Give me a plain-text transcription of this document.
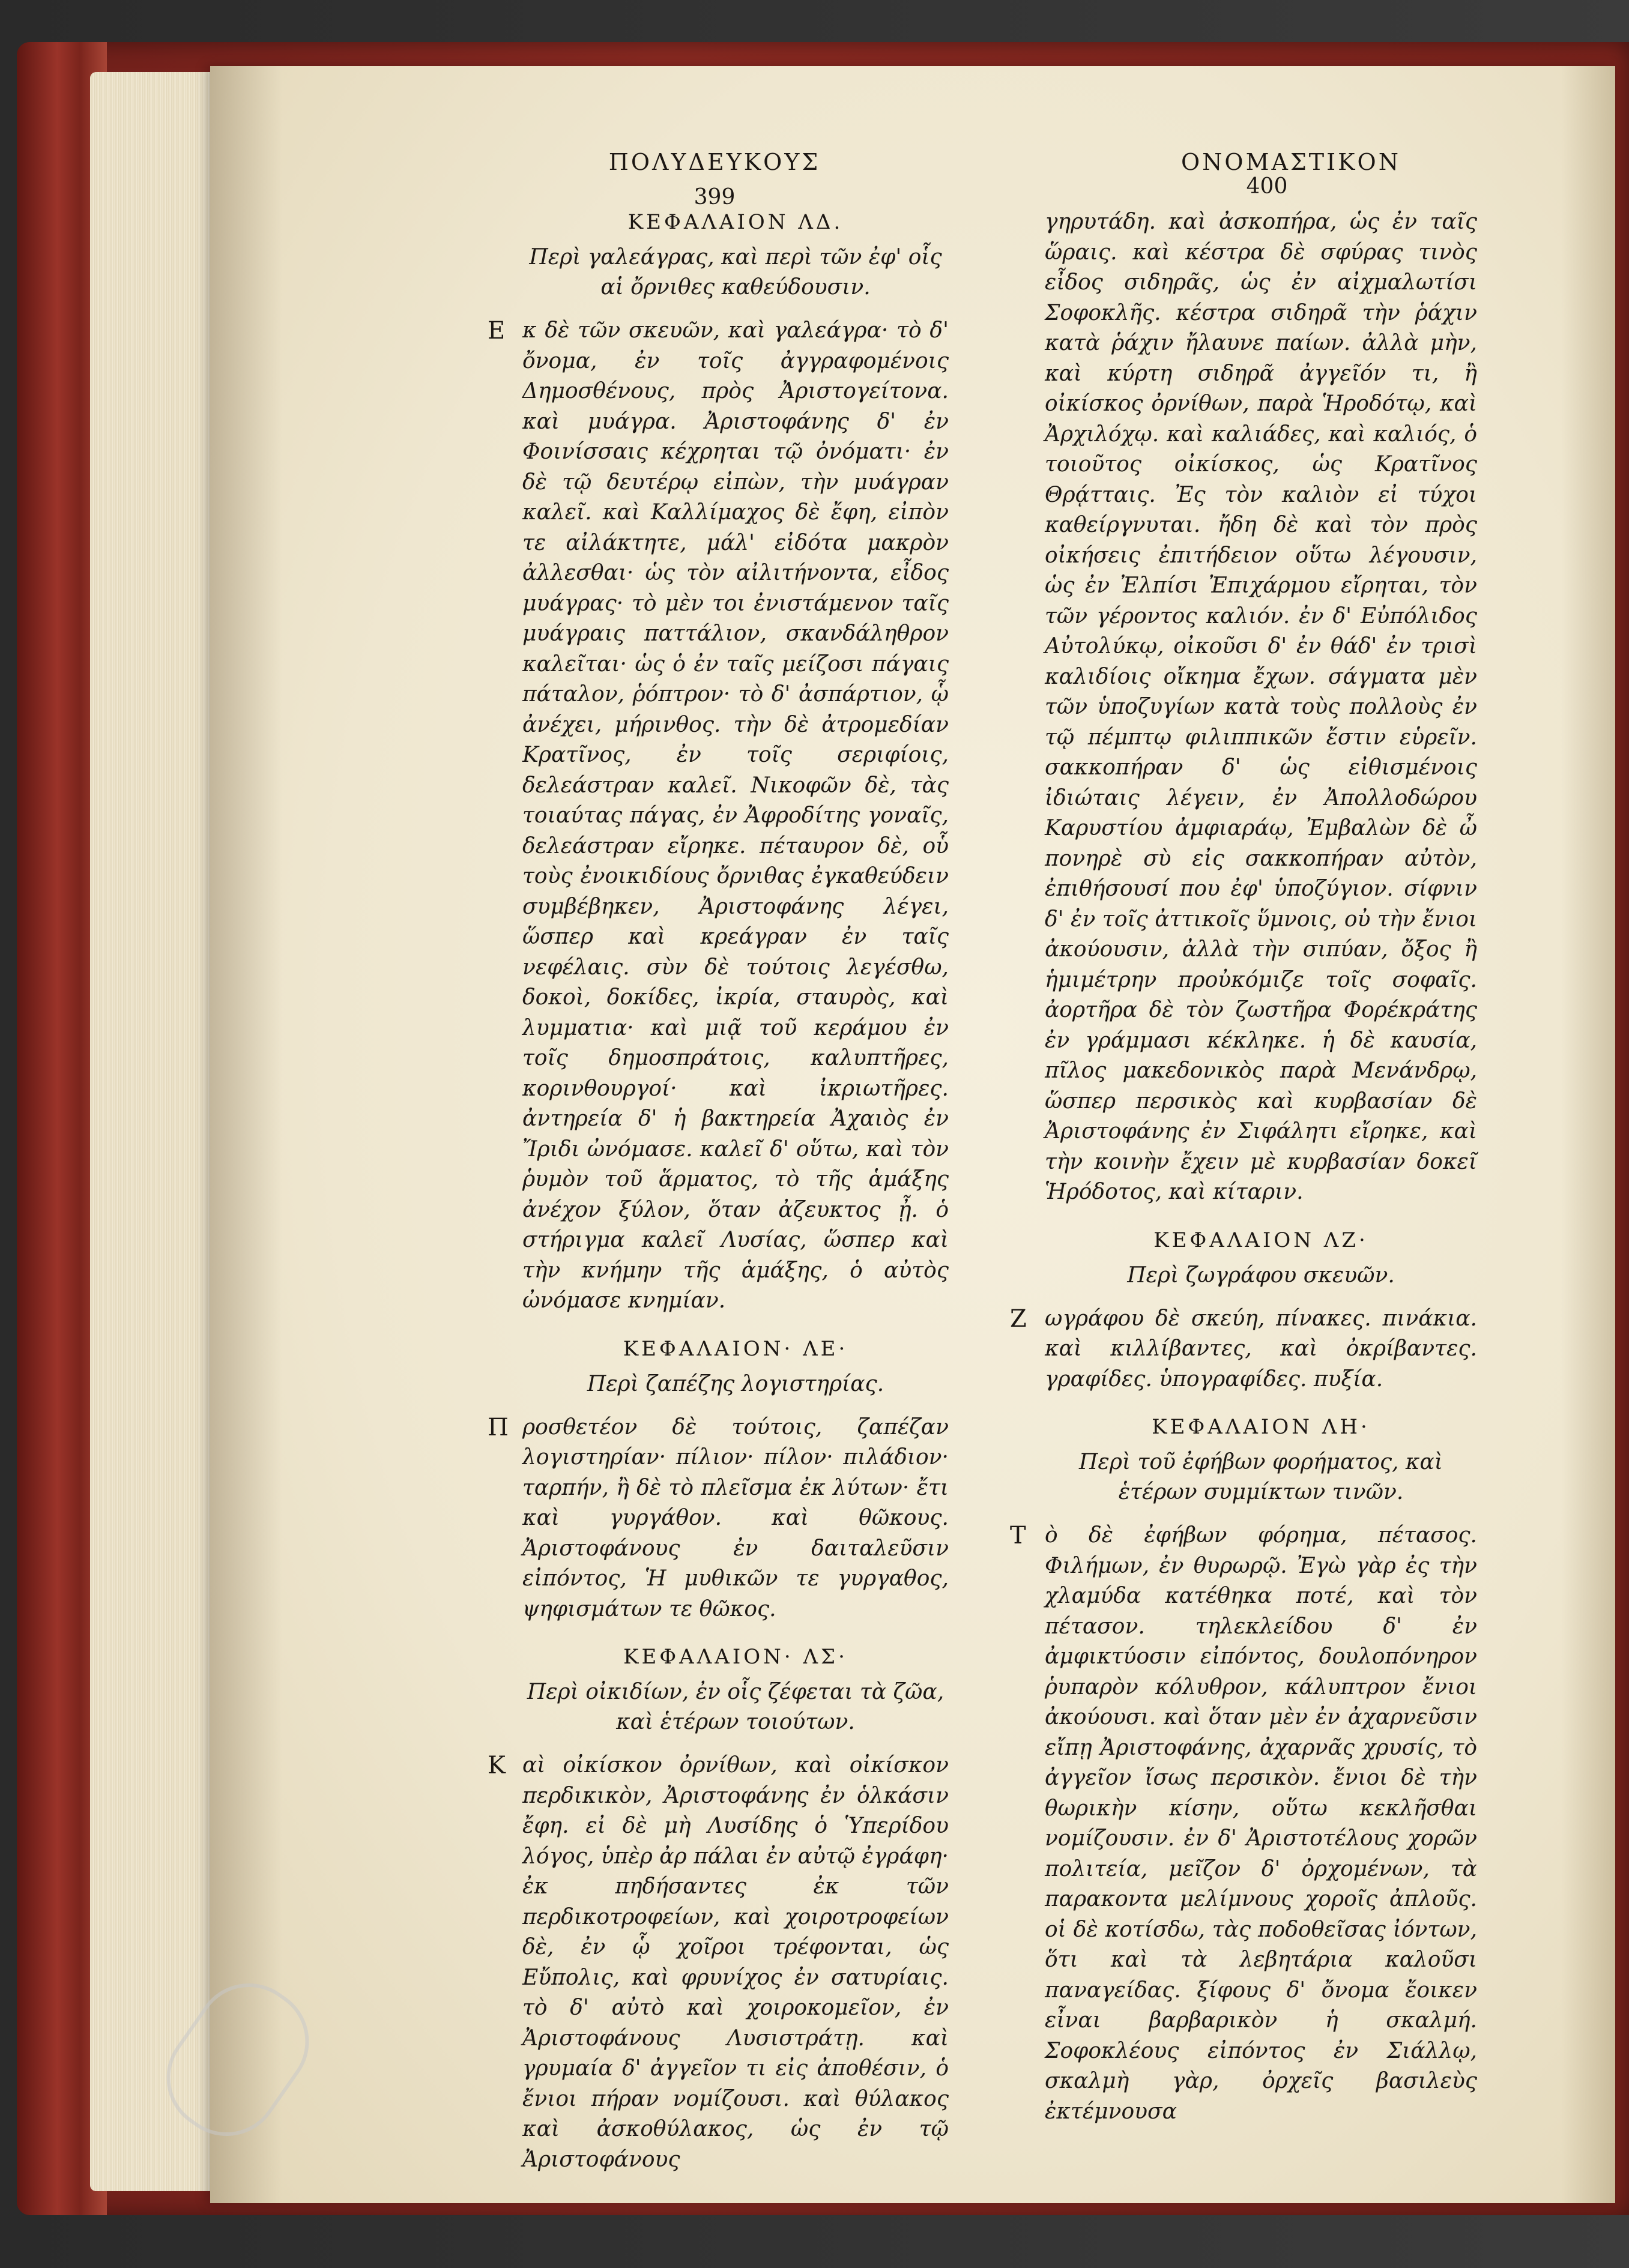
ΠΟΛΥΔΕΥΚΟΥΣ
399
ΚΕΦΑΛΑΙΟΝ ΛΔ.
Περὶ γαλεάγρας, καὶ περὶ τῶν ἐφ' οἷς αἱ ὄρνιθες καθεύδουσιν.
Ε κ δὲ τῶν σκευῶν, καὶ γαλεάγρα· τὸ δ' ὄνομα, ἐν τοῖς ἀγγραφομένοις Δημοσθένους, πρὸς Ἀριστογείτονα. καὶ μυάγρα. Ἀριστοφάνης δ' ἐν Φοινίσσαις κέχρηται τῷ ὀνόματι· ἐν δὲ τῷ δευτέρῳ εἰπὼν, τὴν μυάγραν καλεῖ. καὶ Καλλίμαχος δὲ ἔφη, εἰπὸν τε αἰλάκτητε, μάλ' εἰδότα μακρὸν ἀλλεσθαι· ὡς τὸν αἰλιτήνοντα, εἶδος μυάγρας· τὸ μὲν τοι ἐνιστάμενον ταῖς μυάγραις παττάλιον, σκανδάληθρον καλεῖται· ὡς ὁ ἐν ταῖς μείζοσι πάγαις πάταλον, ῥόπτρον· τὸ δ' ἀσπάρτιον, ᾧ ἀνέχει, μήρινθος. τὴν δὲ ἀτρομεδίαν Κρατῖνος, ἐν τοῖς σεριφίοις, δελεάστραν καλεῖ. Νικοφῶν δὲ, τὰς τοιαύτας πάγας, ἐν Ἀφροδίτης γοναῖς, δελεάστραν εἴρηκε. πέταυρον δὲ, οὗ τοὺς ἐνοικιδίους ὄρνιθας ἐγκαθεύδειν συμβέβηκεν, Ἀριστοφάνης λέγει, ὥσπερ καὶ κρεάγραν ἐν ταῖς νεφέλαις. σὺν δὲ τούτοις λεγέσθω, δοκοὶ, δοκίδες, ἰκρία, σταυρὸς, καὶ λυμματια· καὶ μιᾷ τοῦ κεράμου ἐν τοῖς δημοσπράτοις, καλυπτῆρες, κορινθουργοί· καὶ ἰκριωτῆρες. ἀντηρεία δ' ἡ βακτηρεία Ἀχαιὸς ἐν Ἴριδι ὠνόμασε. καλεῖ δ' οὕτω, καὶ τὸν ῥυμὸν τοῦ ἅρματος, τὸ τῆς ἁμάξης ἀνέχον ξύλον, ὅταν ἀζευκτος ᾖ. ὁ στήριγμα καλεῖ Λυσίας, ὥσπερ καὶ τὴν κνήμην τῆς ἁμάξης, ὁ αὐτὸς ὠνόμασε κνημίαν.
ΚΕΦΑΛΑΙΟΝ· ΛΕ·
Περὶ ζαπέζης λογιστηρίας.
Π ροσθετέον δὲ τούτοις, ζαπέζαν λογιστηρίαν· πίλιον· πίλον· πιλάδιον· ταρπήν, ἢ δὲ τὸ πλεῖσμα ἐκ λύτων· ἔτι καὶ γυργάθον. καὶ θῶκους. Ἀριστοφάνους ἐν δαιταλεῦσιν εἰπόντος, Ἡ μυθικῶν τε γυργαθος, ψηφισμάτων τε θῶκος.
ΚΕΦΑΛΑΙΟΝ· ΛΣ·
Περὶ οἰκιδίων, ἐν οἷς ζέφεται τὰ ζῶα, καὶ ἑτέρων τοιούτων.
Κ αὶ οἰκίσκον ὀρνίθων, καὶ οἰκίσκον περδικικὸν, Ἀριστοφάνης ἐν ὁλκάσιν ἔφη. εἰ δὲ μὴ Λυσίδης ὁ Ὑπερίδου λόγος, ὑπὲρ ἀρ πάλαι ἐν αὐτῷ ἐγράφη· ἐκ πηδήσαντες ἐκ τῶν περδικοτροφείων, καὶ χοιροτροφείων δὲ, ἐν ᾧ χοῖροι τρέφονται, ὡς Εὔπολις, καὶ φρυνίχος ἐν σατυρίαις. τὸ δ' αὐτὸ καὶ χοιροκομεῖον, ἐν Ἀριστοφάνους Λυσιστράτῃ. καὶ γρυμαία δ' ἀγγεῖον τι εἰς ἀποθέσιν, ὁ ἔνιοι πήραν νομίζουσι. καὶ θύλακος καὶ ἀσκοθύλακος, ὡς ἐν τῷ Ἀριστοφάνους
ΟΝΟΜΑΣΤΙΚΟΝ
400
γηρυτάδη. καὶ ἀσκοπήρα, ὡς ἐν ταῖς ὥραις. καὶ κέστρα δὲ σφύρας τινὸς εἶδος σιδηρᾶς, ὡς ἐν αἰχμαλωτίσι Σοφοκλῆς. κέστρα σιδηρᾶ τὴν ῥάχιν κατὰ ῥάχιν ἤλαυνε παίων. ἀλλὰ μὴν, καὶ κύρτη σιδηρᾶ ἀγγεῖόν τι, ἢ οἰκίσκος ὀρνίθων, παρὰ Ἡροδότῳ, καὶ Ἀρχιλόχῳ. καὶ καλιάδες, καὶ καλιός, ὁ τοιοῦτος οἰκίσκος, ὡς Κρατῖνος Θρᾴτταις. Ἐς τὸν καλιὸν εἰ τύχοι καθείργνυται. ἤδη δὲ καὶ τὸν πρὸς οἰκήσεις ἐπιτήδειον οὕτω λέγουσιν, ὡς ἐν Ἐλπίσι Ἐπιχάρμου εἴρηται, τὸν τῶν γέροντος καλιόν. ἐν δ' Εὐπόλιδος Αὐτολύκῳ, οἰκοῦσι δ' ἐν θάδ' ἐν τρισὶ καλιδίοις οἴκημα ἔχων. σάγματα μὲν τῶν ὑποζυγίων κατὰ τοὺς πολλοὺς ἐν τῷ πέμπτῳ φιλιππικῶν ἔστιν εὑρεῖν. σακκοπήραν δ' ὡς εἰθισμένοις ἰδιώταις λέγειν, ἐν Ἀπολλοδώρου Καρυστίου ἀμφιαράῳ, Ἐμβαλὼν δὲ ὦ πονηρὲ σὺ εἰς σακκοπήραν αὐτὸν, ἐπιθήσουσί που ἐφ' ὑποζύγιον. σίφνιν δ' ἐν τοῖς ἀττικοῖς ὕμνοις, οὐ τὴν ἔνιοι ἀκούουσιν, ἀλλὰ τὴν σιπύαν, ὄξος ἢ ἡμιμέτρην προὐκόμιζε τοῖς σοφαῖς. ἀορτῆρα δὲ τὸν ζωστῆρα Φορέκράτης ἐν γράμμασι κέκληκε. ἡ δὲ καυσία, πῖλος μακεδονικὸς παρὰ Μενάνδρῳ, ὥσπερ περσικὸς καὶ κυρβασίαν δὲ Ἀριστοφάνης ἐν Σιφάλητι εἴρηκε, καὶ τὴν κοινὴν ἔχειν μὲ κυρβασίαν δοκεῖ Ἡρόδοτος, καὶ κίταριν.
ΚΕΦΑΛΑΙΟΝ ΛΖ·
Περὶ ζωγράφου σκευῶν.
Ζ ωγράφου δὲ σκεύη, πίνακες. πινάκια. καὶ κιλλίβαντες, καὶ ὀκρίβαντες. γραφίδες. ὑπογραφίδες. πυξία.
ΚΕΦΑΛΑΙΟΝ ΛΗ·
Περὶ τοῦ ἐφήβων φορήματος, καὶ ἑτέρων συμμίκτων τινῶν.
Τ ὸ δὲ ἐφήβων φόρημα, πέτασος. Φιλήμων, ἐν θυρωρῷ. Ἐγὼ γὰρ ἐς τὴν χλαμύδα κατέθηκα ποτέ, καὶ τὸν πέτασον. τηλεκλείδου δ' ἐν ἀμφικτύοσιν εἰπόντος, δουλοπόνηρον ῥυπαρὸν κόλυθρον, κάλυπτρον ἔνιοι ἀκούουσι. καὶ ὅταν μὲν ἐν ἀχαρνεῦσιν εἴπῃ Ἀριστοφάνης, ἀχαρνᾶς χρυσίς, τὸ ἀγγεῖον ἴσως περσικὸν. ἔνιοι δὲ τὴν θωρικὴν κίσην, οὕτω κεκλῆσθαι νομίζουσιν. ἐν δ' Ἀριστοτέλους χορῶν πολιτεία, μεῖζον δ' ὀρχομένων, τὰ παρακοντα μελίμνους χοροῖς ἀπλοῦς. οἱ δὲ κοτίσδω, τὰς ποδοθεῖσας ἰόντων, ὅτι καὶ τὰ λεβητάρια καλοῦσι παναγείδας. ξίφους δ' ὄνομα ἔοικεν εἶναι βαρβαρικὸν ἡ σκαλμή. Σοφοκλέους εἰπόντος ἐν Σιάλλῳ, σκαλμὴ γὰρ, ὀρχεῖς βασιλεὺς ἐκτέμνουσα
